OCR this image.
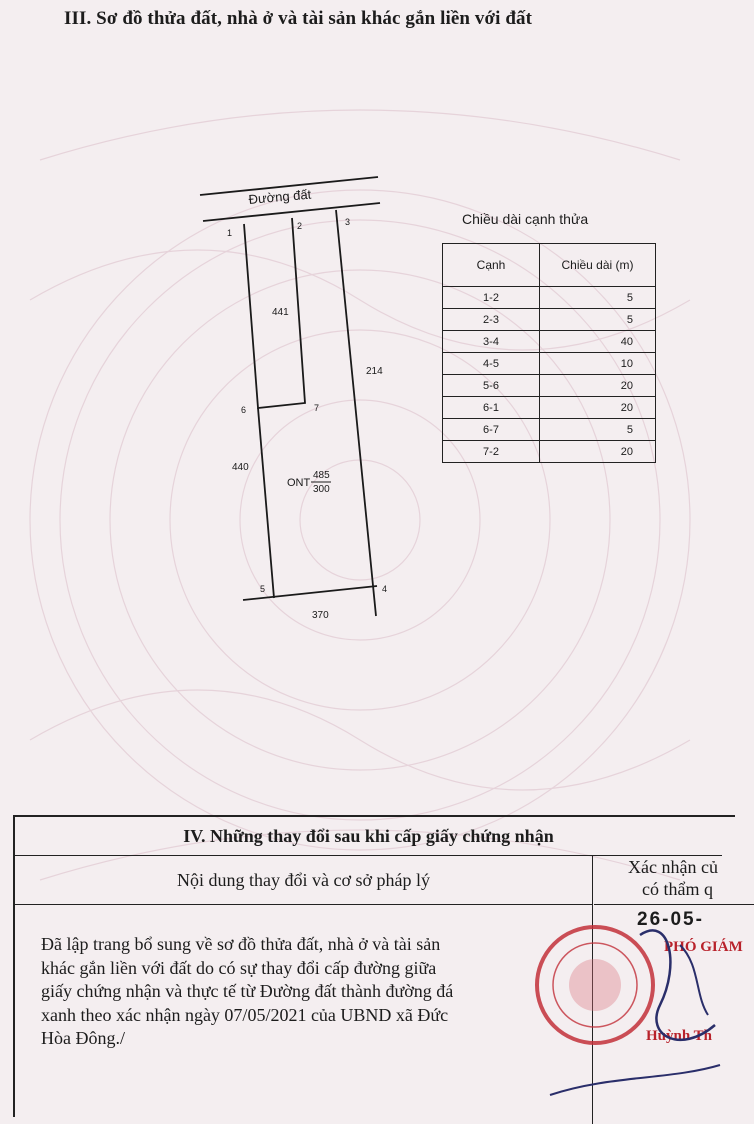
III. Sơ đồ thửa đất, nhà ở và tài sản khác gắn liền với đất
Đường đất
1
2	3
6	7
5	4
441
214
440
370
ONT
485
300
Chiều dài cạnh thửa
Cạnh	Chiều dài (m)
1-2	5
2-3	5
3-4	40
4-5	10
5-6	20
6-1	20
6-7	5
7-2	20
IV. Những thay đổi sau khi cấp giấy chứng nhận
Nội dung thay đổi và cơ sở pháp lý
Xác nhận củ
có thẩm q

Đã lập trang bổ sung về sơ đồ thửa đất, nhà ở và tài sản

khác gắn liền với đất do có sự thay đổi cấp đường giữa

giấy chứng nhận và thực tế từ Đường đất thành đường đá

xanh theo xác nhận ngày 07/05/2021 của UBND xã Đức

Hòa Đông./

26-05-
PHÓ GIÁM
Huỳnh Th
